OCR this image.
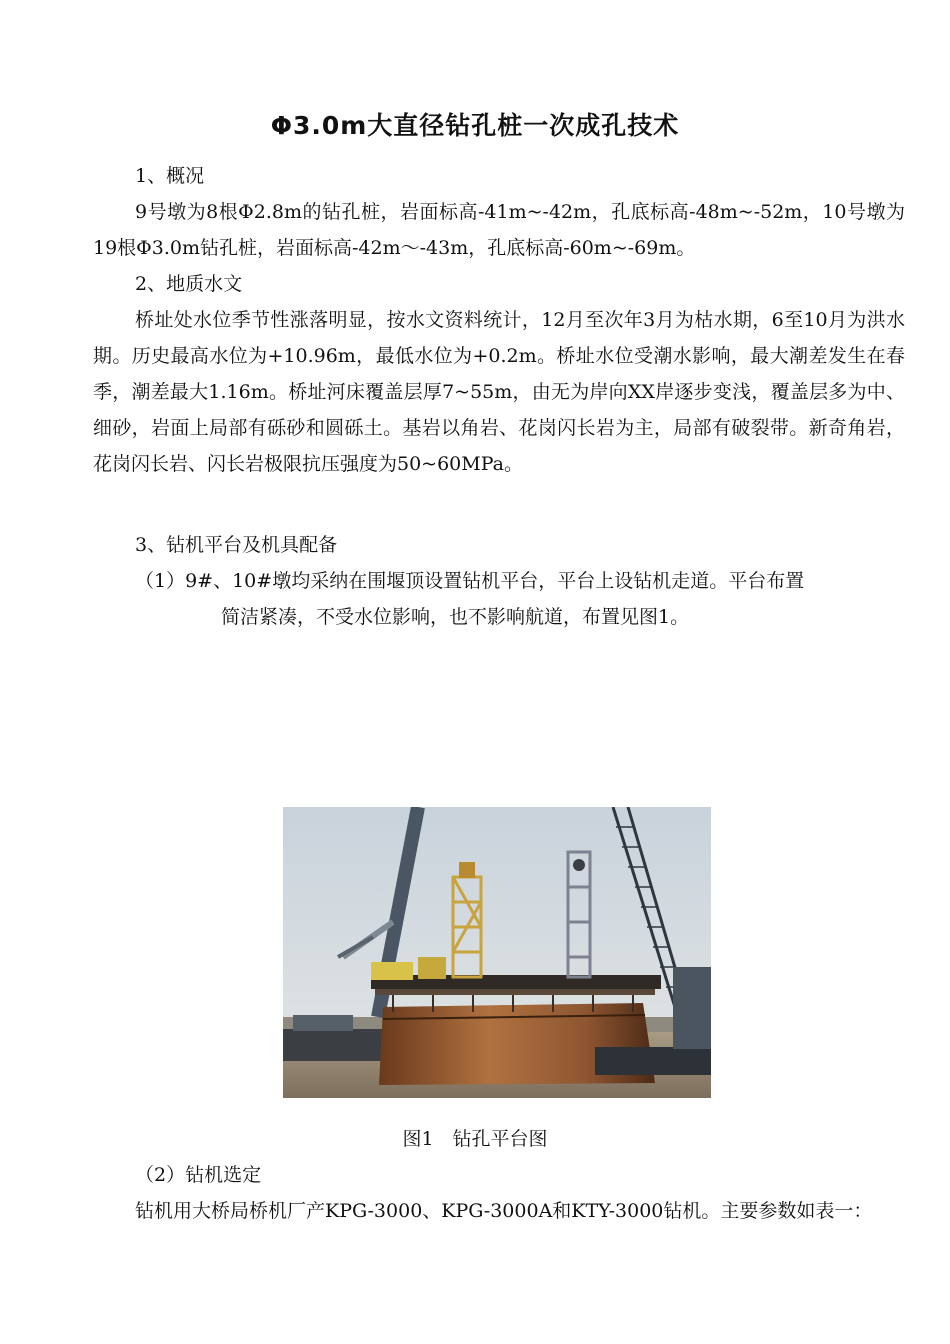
Φ3.0m大直径钻孔桩一次成孔技术
1、概况
9号墩为8根Φ2.8m的钻孔桩，岩面标高-41m~-42m，孔底标高-48m~-52m，10号墩为19根Φ3.0m钻孔桩，岩面标高-42m～-43m，孔底标高-60m~-69m。
2、地质水文
桥址处水位季节性涨落明显，按水文资料统计，12月至次年3月为枯水期，6至10月为洪水期。历史最高水位为+10.96m，最低水位为+0.2m。桥址水位受潮水影响，最大潮差发生在春季，潮差最大1.16m。桥址河床覆盖层厚7~55m，由无为岸向XX岸逐步变浅，覆盖层多为中、细砂，岩面上局部有砾砂和圆砾土。基岩以角岩、花岗闪长岩为主，局部有破裂带。新奇角岩，花岗闪长岩、闪长岩极限抗压强度为50~60MPa。
3、钻机平台及机具配备
（1）9#、10#墩均采纳在围堰顶设置钻机平台，平台上设钻机走道。平台布置
简洁紧凑，不受水位影响，也不影响航道，布置见图1。
图1　钻孔平台图
（2）钻机选定
钻机用大桥局桥机厂产KPG-3000、KPG-3000A和KTY-3000钻机。主要参数如表一：
